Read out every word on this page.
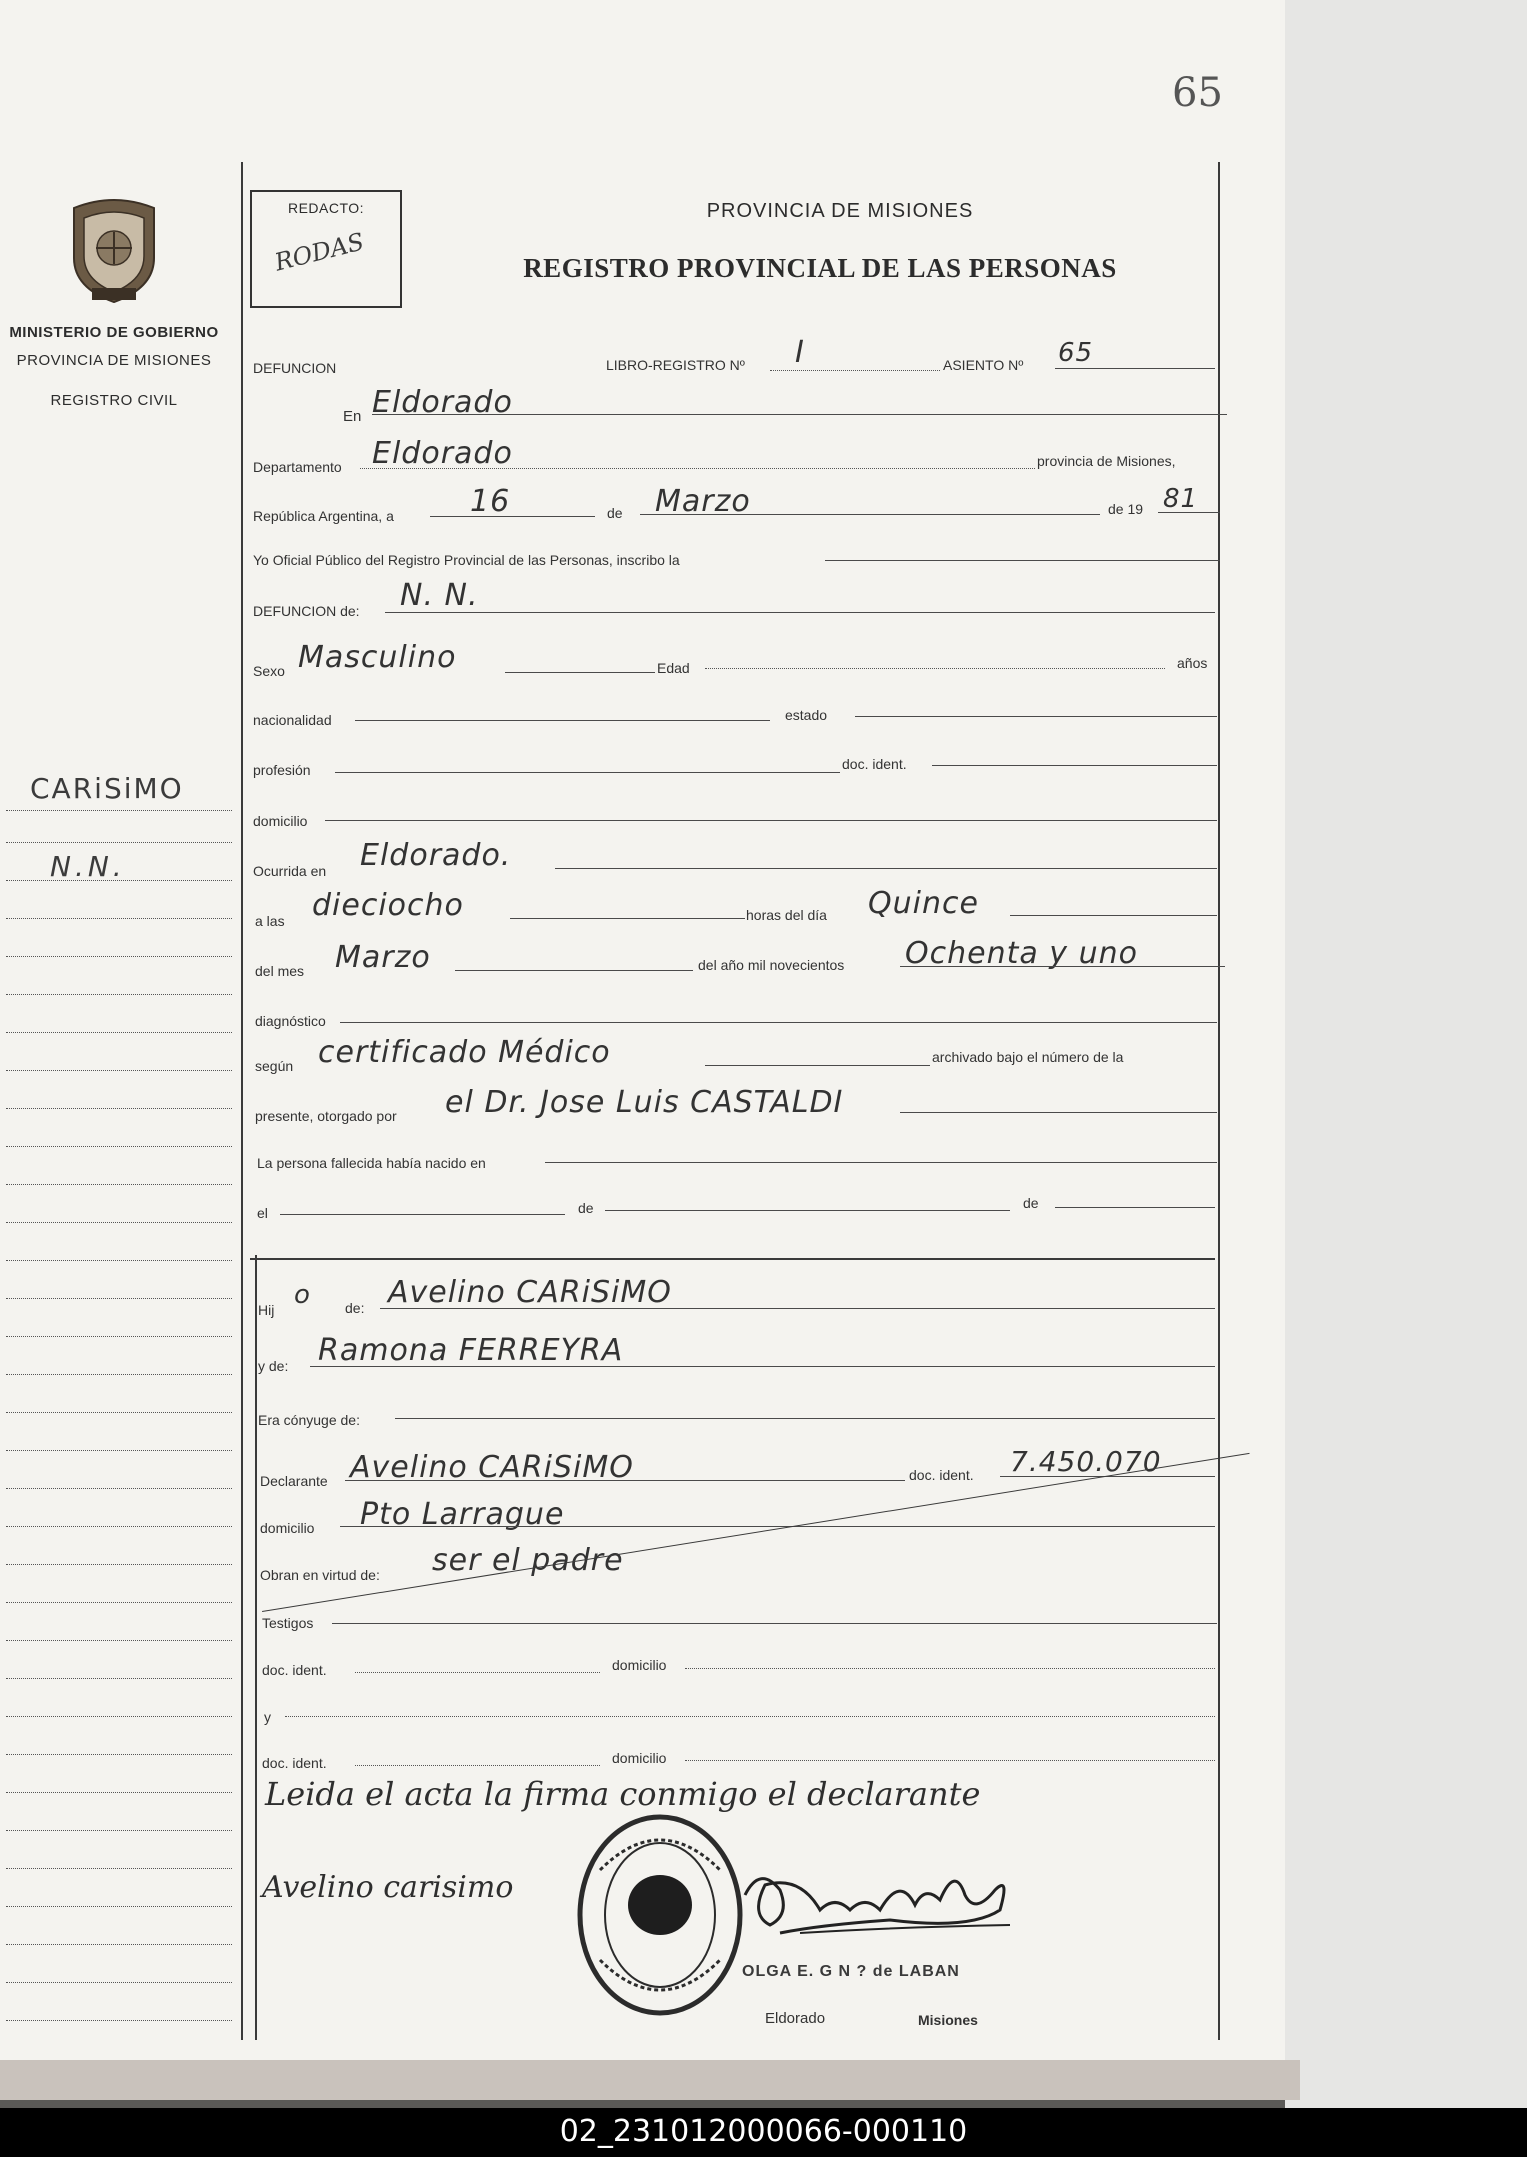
65
MINISTERIO DE GOBIERNO
PROVINCIA DE MISIONES
REGISTRO CIVIL
CARiSiMO
N.N.
REDACTO:
RODAS
PROVINCIA DE MISIONES
REGISTRO PROVINCIAL DE LAS PERSONAS
DEFUNCION	LIBRO-REGISTRO Nº I	ASIENTO Nº 65
En Eldorado
Departamento Eldorado	provincia de Misiones,
República Argentina, a	16	de Marzo	de 19 81
Yo Oficial Público del Registro Provincial de las Personas, inscribo la
DEFUNCION de: N. N.
Sexo Masculino	Edad	años
nacionalidad	estado
profesión	doc. ident.
domicilio
Ocurrida en Eldorado.
a las dieciocho	horas del día Quince
del mes Marzo	del año mil novecientos Ochenta y uno
diagnóstico
según certificado Médico	archivado bajo el número de la
presente, otorgado por el Dr. Jose Luis CASTALDI
La persona fallecida había nacido en
el	de	de
Hij o de: Avelino CARiSiMO
y de: Ramona FERREYRA
Era cónyuge de:
Declarante Avelino CARiSiMO	doc. ident. 7.450.070
domicilio Pto Larrague
Obran en virtud de: ser el padre
Testigos
doc. ident.	domicilio
y
doc. ident.	domicilio
Leida el acta la firma conmigo el declarante
Avelino carisimo
OLGA E. G N ? de LABAN
Eldorado	Misiones
02_231012000066-000110
